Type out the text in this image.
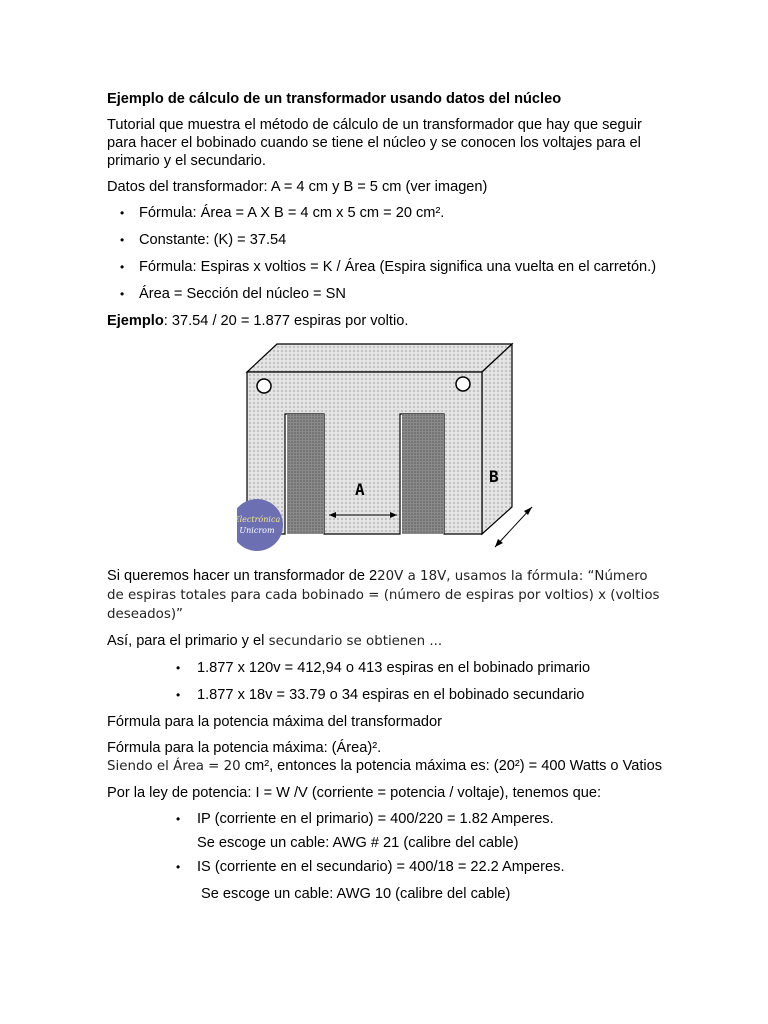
Ejemplo de cálculo de un transformador usando datos del núcleo

Tutorial que muestra el método de cálculo de un transformador que hay que seguir para hacer el bobinado cuando se tiene el núcleo y se conocen los voltajes para el primario y el secundario.

Datos del transformador: A = 4 cm y B = 5 cm (ver imagen)

• Fórmula: Área = A X B = 4 cm x 5 cm = 20 cm².
• Constante: (K) = 37.54
• Fórmula: Espiras x voltios = K / Área (Espira significa una vuelta en el carretón.)
• Área = Sección del núcleo = SN

Ejemplo: 37.54 / 20 = 1.877 espiras por voltio.

A
B
Electrónica
Unicrom

Si queremos hacer un transformador de 220V a 18V, usamos la fórmula: “Número de espiras totales para cada bobinado = (número de espiras por voltios) x (voltios deseados)”

Así, para el primario y el secundario se obtienen ...

• 1.877 x 120v = 412,94 o 413 espiras en el bobinado primario
• 1.877 x 18v = 33.79 o 34 espiras en el bobinado secundario

Fórmula para la potencia máxima del transformador

Fórmula para la potencia máxima: (Área)².

Siendo el Área = 20 cm², entonces la potencia máxima es: (20²) = 400 Watts o Vatios

Por la ley de potencia: I = W /V (corriente = potencia / voltaje), tenemos que:

• IP (corriente en el primario) = 400/220 = 1.82 Amperes.
Se escoge un cable: AWG # 21 (calibre del cable)
• IS (corriente en el secundario) = 400/18 = 22.2 Amperes.
Se escoge un cable: AWG 10 (calibre del cable)
